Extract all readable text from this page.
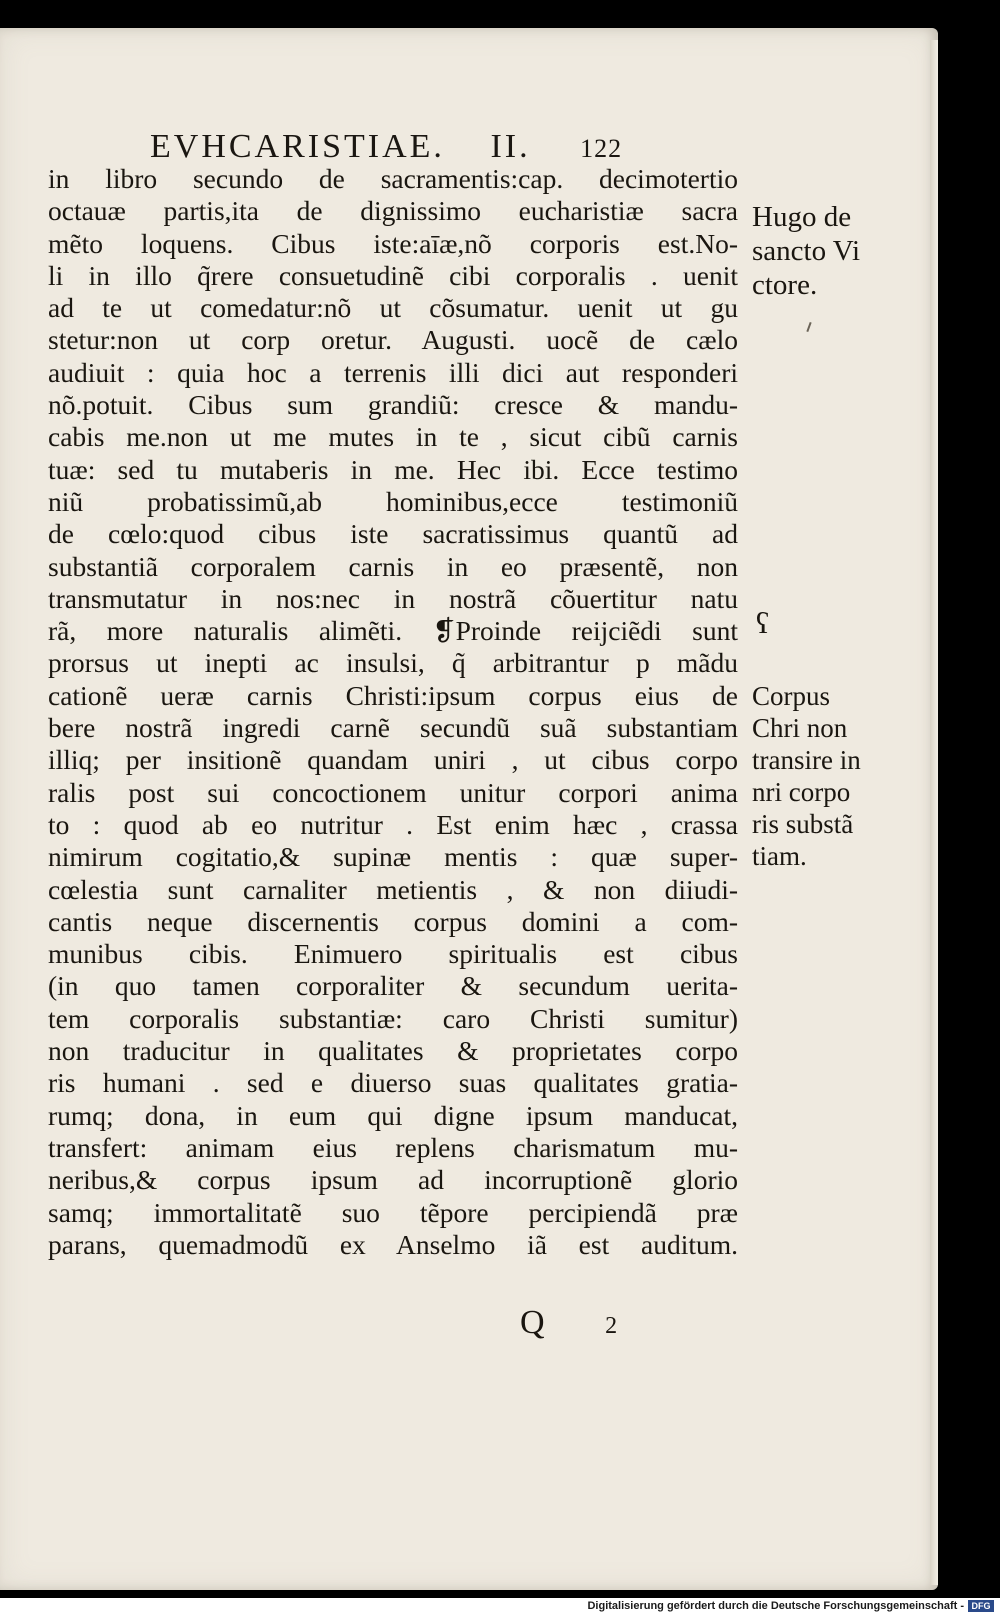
EVHCARISTIAE. II. 122
in libro secundo de sacramentis:cap. decimotertio
octauæ partis,ita de dignissimo eucharistiæ sacra
mẽto loquens. Cibus iste:aīæ,nõ corporis est.No-
li in illo q̃rere consuetudinẽ cibi corporalis . uenit
ad te ut comedatur:nõ ut cõsumatur. uenit ut gu
stetur:non ut corp oretur. Augusti. uocẽ de cælo
audiuit : quia hoc a terrenis illi dici aut responderi
nõ.potuit. Cibus sum grandiũ: cresce & mandu-
cabis me.non ut me mutes in te , sicut cibũ carnis
tuæ: sed tu mutaberis in me. Hec ibi. Ecce testimo
niũ probatissimũ,ab hominibus,ecce testimoniũ
de cœlo:quod cibus iste sacratissimus quantũ ad
substantiã corporalem carnis in eo præsentẽ, non
transmutatur in nos:nec in nostrã cõuertitur natu
rã, more naturalis alimẽti. ❡Proinde reijciẽdi sunt
prorsus ut inepti ac insulsi, q̃ arbitrantur p mãdu
cationẽ ueræ carnis Christi:ipsum corpus eius de
bere nostrã ingredi carnẽ secundũ suã substantiam
illiq; per insitionẽ quandam uniri , ut cibus corpo
ralis post sui concoctionem unitur corpori anima
to : quod ab eo nutritur . Est enim hæc , crassa
nimirum cogitatio,& supinæ mentis : quæ super-
cœlestia sunt carnaliter metientis , & non diiudi-
cantis neque discernentis corpus domini a com-
munibus cibis. Enimuero spiritualis est cibus
(in quo tamen corporaliter & secundum uerita-
tem corporalis substantiæ: caro Christi sumitur)
non traducitur in qualitates & proprietates corpo
ris humani . sed e diuerso suas qualitates gratia-
rumq; dona, in eum qui digne ipsum manducat,
transfert: animam eius replens charismatum mu-
neribus,& corpus ipsum ad incorruptionẽ glorio
samq; immortalitatẽ suo tẽpore percipiendã præ
parans, quemadmodũ ex Anselmo iã est auditum.
Hugo de
sancto Vi
ctore.
ʕ
Corpus
Chri non
transire in
nri corpo
ris substã
tiam.
Q	2
Digitalisierung gefördert durch die Deutsche Forschungsgemeinschaft - DFG
